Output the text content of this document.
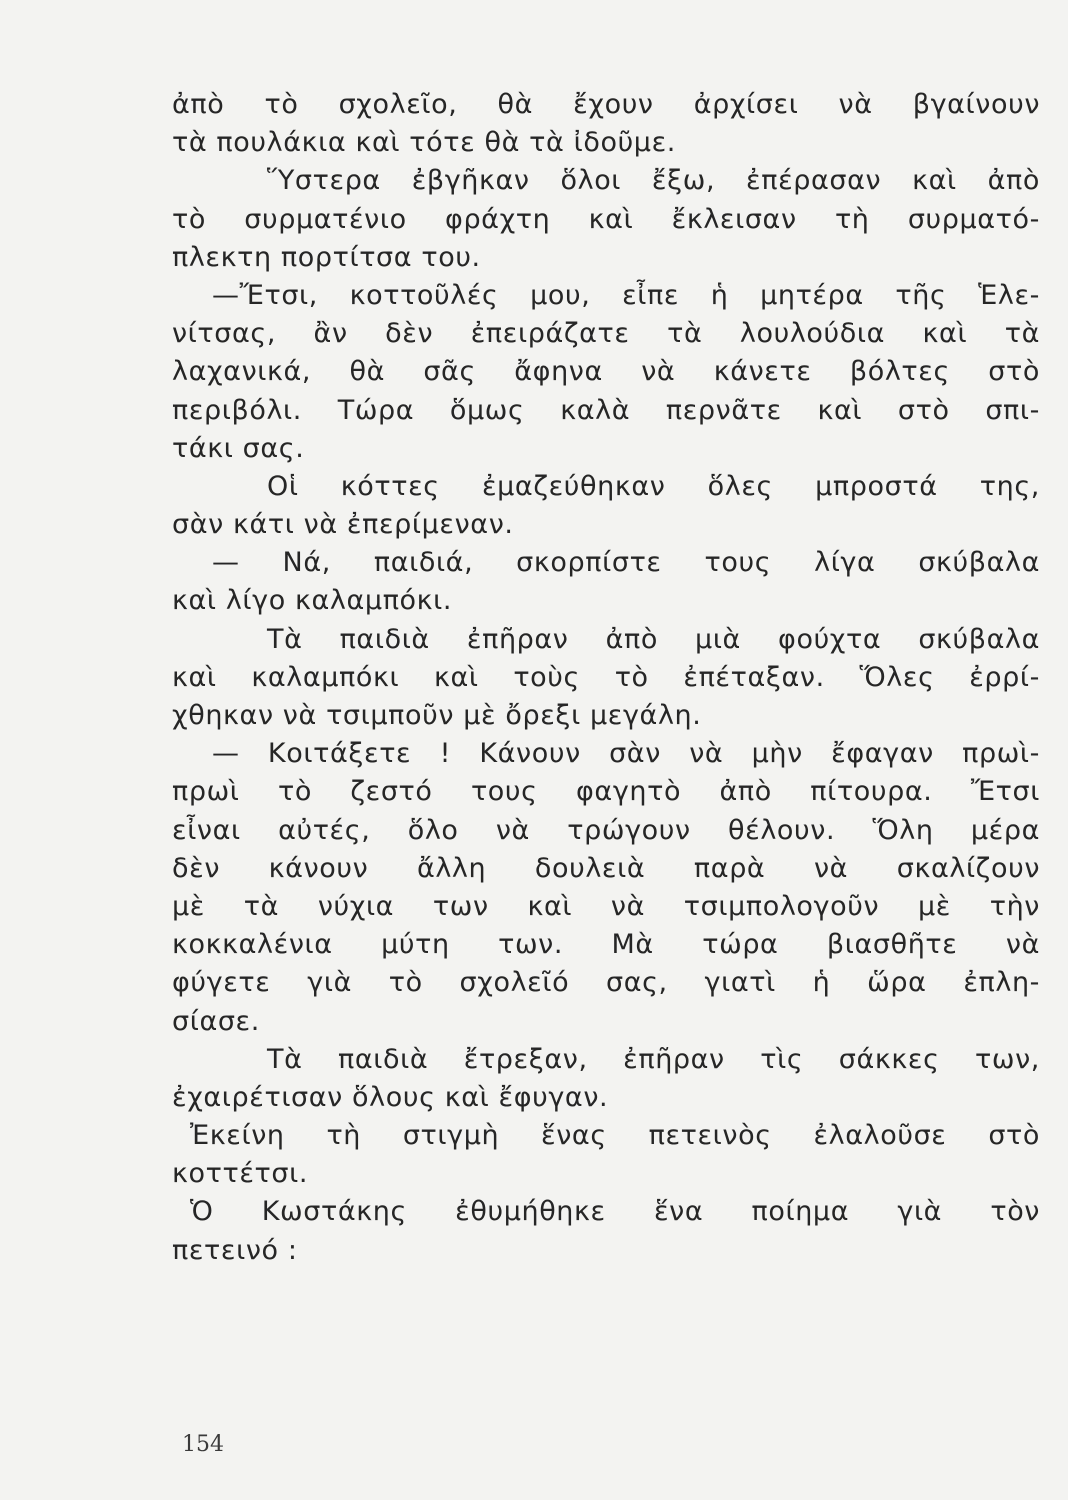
ἀπὸ τὸ σχολεῖο, θὰ ἔχουν ἀρχίσει νὰ βγαίνουν
τὰ πουλάκια καὶ τότε θὰ τὰ ἰδοῦμε.
Ὕστερα ἐβγῆκαν ὅλοι ἔξω, ἐπέρασαν καὶ ἀπὸ
τὸ συρματένιο φράχτη καὶ ἔκλεισαν τὴ συρματό-
πλεκτη πορτίτσα του.
—Ἔτσι, κοττοῦλές μου, εἶπε ἡ μητέρα τῆς Ἑλε-
νίτσας, ἂν δὲν ἐπειράζατε τὰ λουλούδια καὶ τὰ
λαχανικά, θὰ σᾶς ἄφηνα νὰ κάνετε βόλτες στὸ
περιβόλι. Τώρα ὅμως καλὰ περνᾶτε καὶ στὸ σπι-
τάκι σας.
Οἱ κόττες ἐμαζεύθηκαν ὅλες μπροστά της,
σὰν κάτι νὰ ἐπερίμεναν.
— Νά, παιδιά, σκορπίστε τους λίγα σκύβαλα
καὶ λίγο καλαμπόκι.
Τὰ παιδιὰ ἐπῆραν ἀπὸ μιὰ φούχτα σκύβαλα
καὶ καλαμπόκι καὶ τοὺς τὸ ἐπέταξαν. Ὅλες ἐρρί-
χθηκαν νὰ τσιμποῦν μὲ ὄρεξι μεγάλη.
— Κοιτάξετε ! Κάνουν σὰν νὰ μὴν ἔφαγαν πρωὶ-
πρωὶ τὸ ζεστό τους φαγητὸ ἀπὸ πίτουρα. Ἔτσι
εἶναι αὐτές, ὅλο νὰ τρώγουν θέλουν. Ὅλη μέρα
δὲν κάνουν ἄλλη δουλειὰ παρὰ νὰ σκαλίζουν
μὲ τὰ νύχια των καὶ νὰ τσιμπολογοῦν μὲ τὴν
κοκκαλένια μύτη των. Μὰ τώρα βιασθῆτε νὰ
φύγετε γιὰ τὸ σχολεῖό σας, γιατὶ ἡ ὥρα ἐπλη-
σίασε.
Τὰ παιδιὰ ἔτρεξαν, ἐπῆραν τὶς σάκκες των,
ἐχαιρέτισαν ὅλους καὶ ἔφυγαν.
Ἐκείνη τὴ στιγμὴ ἕνας πετεινὸς ἐλαλοῦσε στὸ
κοττέτσι.
Ὁ Κωστάκης ἐθυμήθηκε ἕνα ποίημα γιὰ τὸν
πετεινό :
154
